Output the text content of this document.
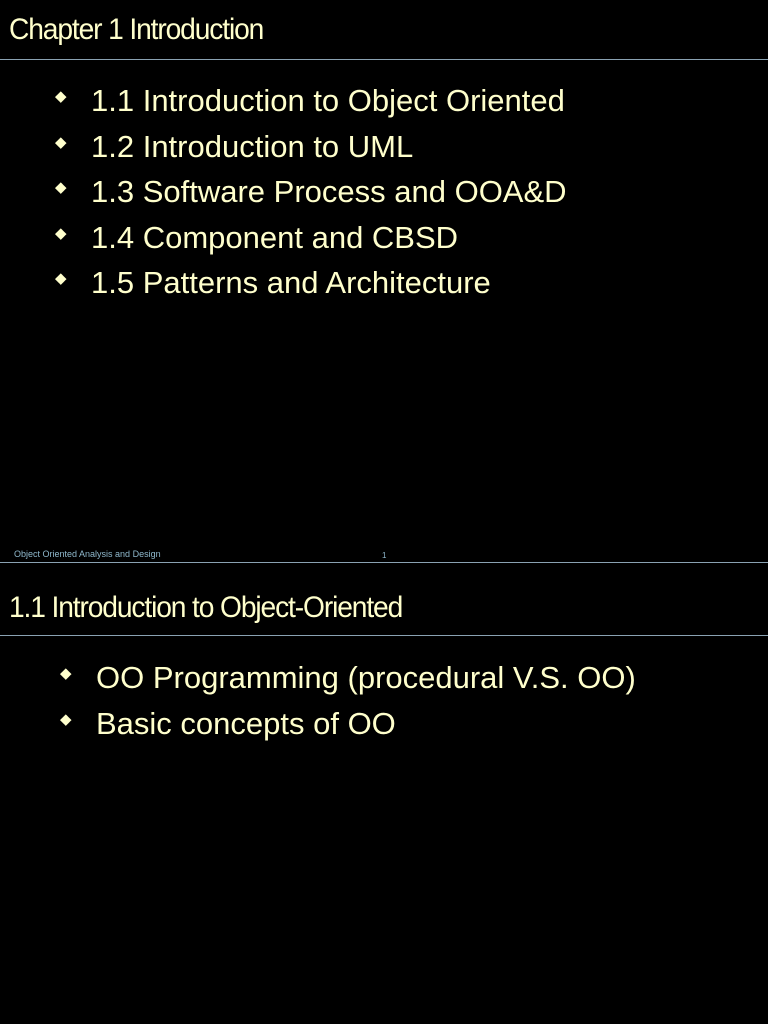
Chapter 1 Introduction
◆ 1.1 Introduction to Object Oriented
◆ 1.2 Introduction to UML
◆ 1.3 Software Process and OOA&D
◆ 1.4 Component and CBSD
◆ 1.5 Patterns and Architecture
Object Oriented Analysis and Design	1
1.1 Introduction to Object-Oriented
◆ OO Programming (procedural V.S. OO)
◆ Basic concepts of OO
